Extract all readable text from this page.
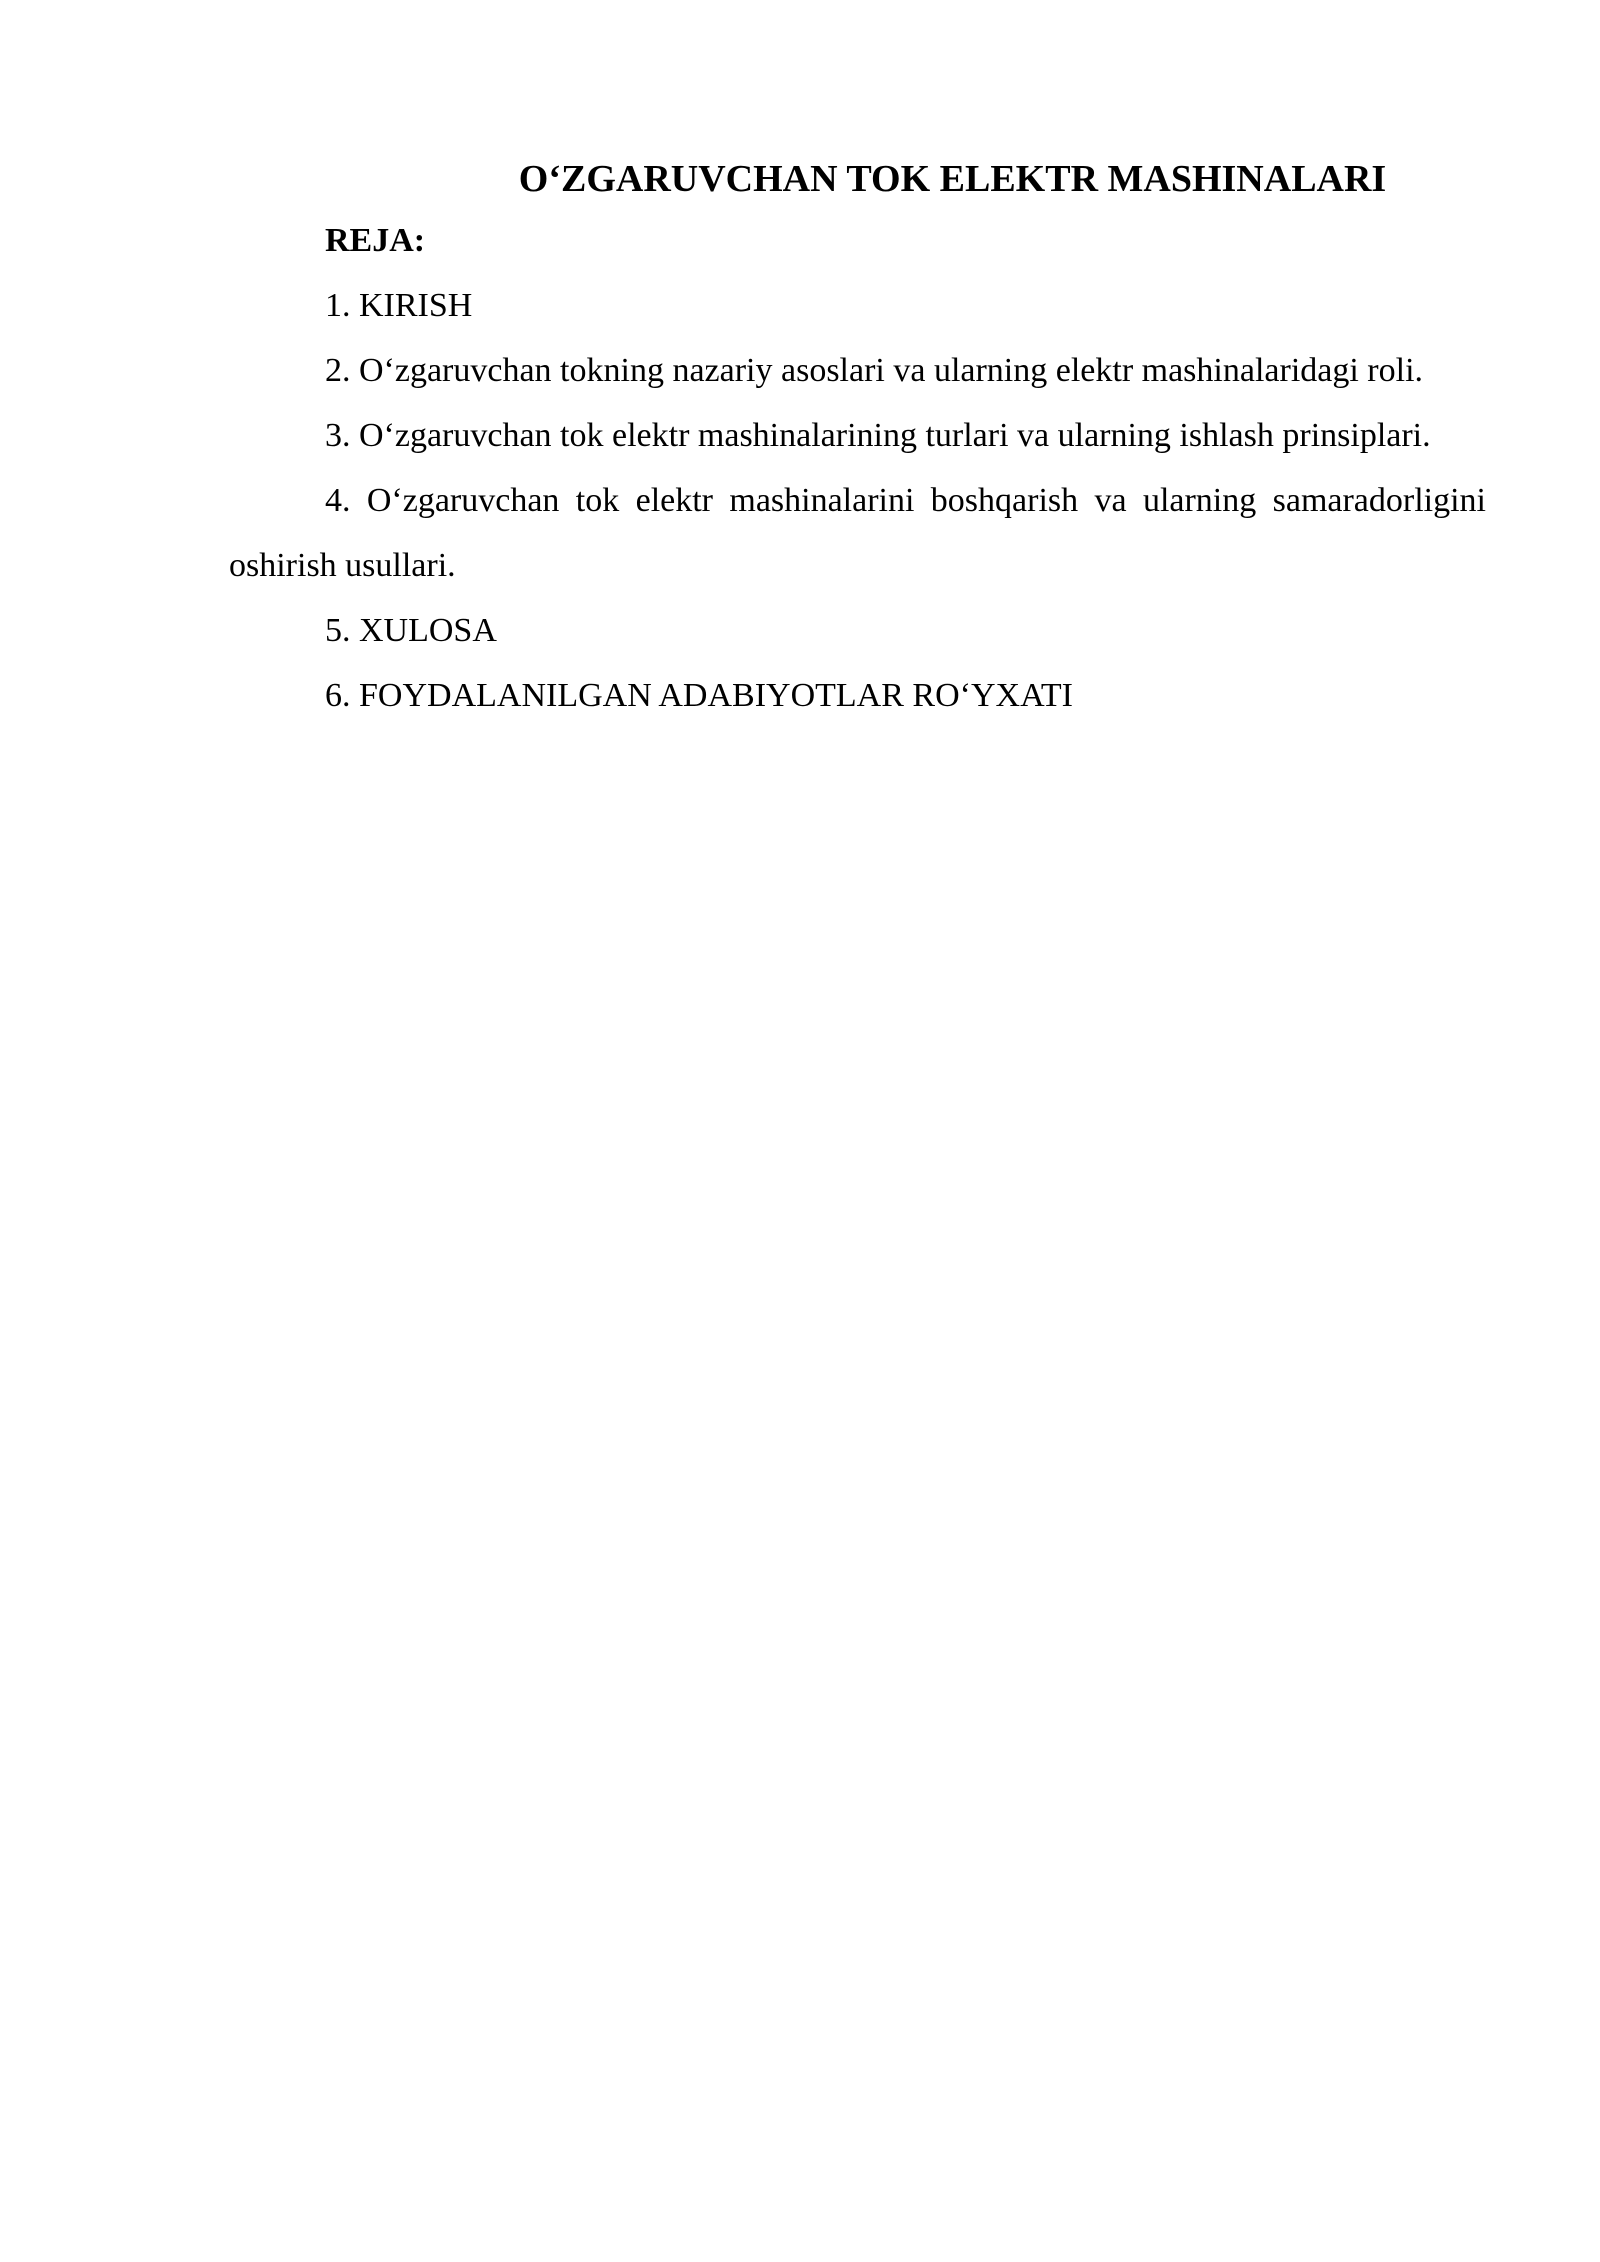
O‘ZGARUVCHAN TOK ELEKTR MASHINALARI

REJA:

1. KIRISH

2. O‘zgaruvchan tokning nazariy asoslari va ularning elektr mashinalaridagi roli.

3. O‘zgaruvchan tok elektr mashinalarining turlari va ularning ishlash prinsiplari.

4. O‘zgaruvchan tok elektr mashinalarini boshqarish va ularning samaradorligini oshirish usullari.

5. XULOSA

6. FOYDALANILGAN ADABIYOTLAR RO‘YXATI
